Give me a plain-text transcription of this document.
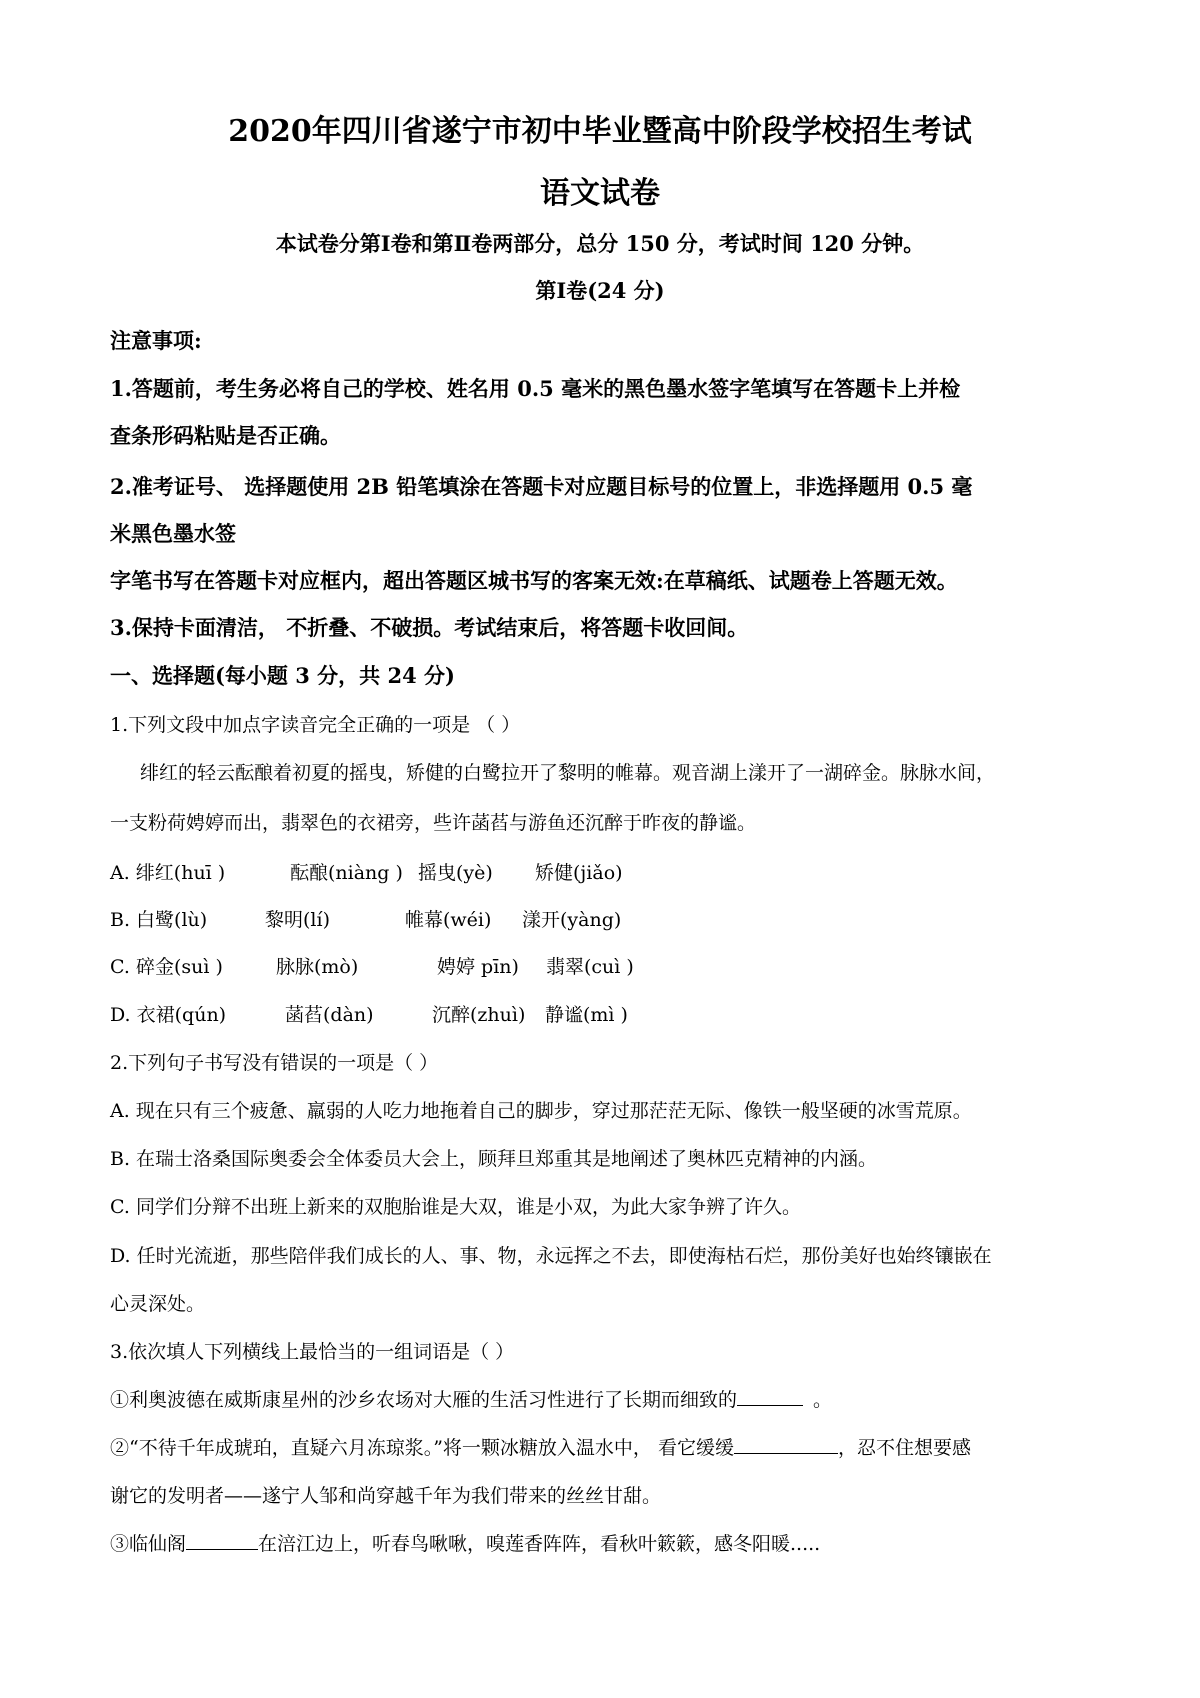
2020年四川省遂宁市初中毕业暨高中阶段学校招生考试
语文试卷
本试卷分第Ⅰ卷和第Ⅱ卷两部分，总分 150 分，考试时间 120 分钟。
第Ⅰ卷(24 分)
注意事项:
1.答题前，考生务必将自己的学校、姓名用 0.5 毫米的黑色墨水签字笔填写在答题卡上并检
查条形码粘贴是否正确。
2.准考证号、 选择题使用 2B 铅笔填涂在答题卡对应题目标号的位置上，非选择题用 0.5 毫
米黑色墨水签
字笔书写在答题卡对应框内，超出答题区城书写的客案无效:在草稿纸、试题卷上答题无效。
3.保持卡面清洁， 不折叠、不破损。考试结束后，将答题卡收回间。
一、选择题(每小题 3 分，共 24 分)
1.下列文段中加点字读音完全正确的一项是 （ ）
绯红的轻云酝酿着初夏的摇曳，矫健的白鹭拉开了黎明的帷幕。观音湖上漾开了一湖碎金。脉脉水间，
一支粉荷娉婷而出，翡翠色的衣裙旁，些许菡萏与游鱼还沉醉于昨夜的静谧。
A. 绯红(huī )	酝酿(niàng ) 摇曳(yè) 矫健(jiǎo)
B. 白鹭(lù)	黎明(lí)	帷幕(wéi) 漾开(yàng)
C. 碎金(suì )	脉脉(mò)	娉婷 pīn) 翡翠(cuì )
D. 衣裙(qún)	菡萏(dàn)	沉醉(zhuì) 静谧(mì )
2.下列句子书写没有错误的一项是（ ）
A. 现在只有三个疲惫、羸弱的人吃力地拖着自己的脚步，穿过那茫茫无际、像铁一般坚硬的冰雪荒原。
B. 在瑞士洛桑国际奥委会全体委员大会上，顾拜旦郑重其是地阐述了奥林匹克精神的内涵。
C. 同学们分辩不出班上新来的双胞胎谁是大双，谁是小双，为此大家争辨了许久。
D. 任时光流逝，那些陪伴我们成长的人、事、物，永远挥之不去，即使海枯石烂，那份美好也始终镶嵌在
心灵深处。
3.依次填人下列横线上最恰当的一组词语是（ ）
①利奥波德在威斯康星州的沙乡农场对大雁的生活习性进行了长期而细致的	。
②“不待千年成琥珀，直疑六月冻琼浆。”将一颗冰糖放入温水中， 看它缓缓	，忍不住想要感
谢它的发明者——遂宁人邹和尚穿越千年为我们带来的丝丝甘甜。
③临仙阁	在涪江边上，听春鸟啾啾，嗅莲香阵阵，看秋叶簌簌，感冬阳暖.....
